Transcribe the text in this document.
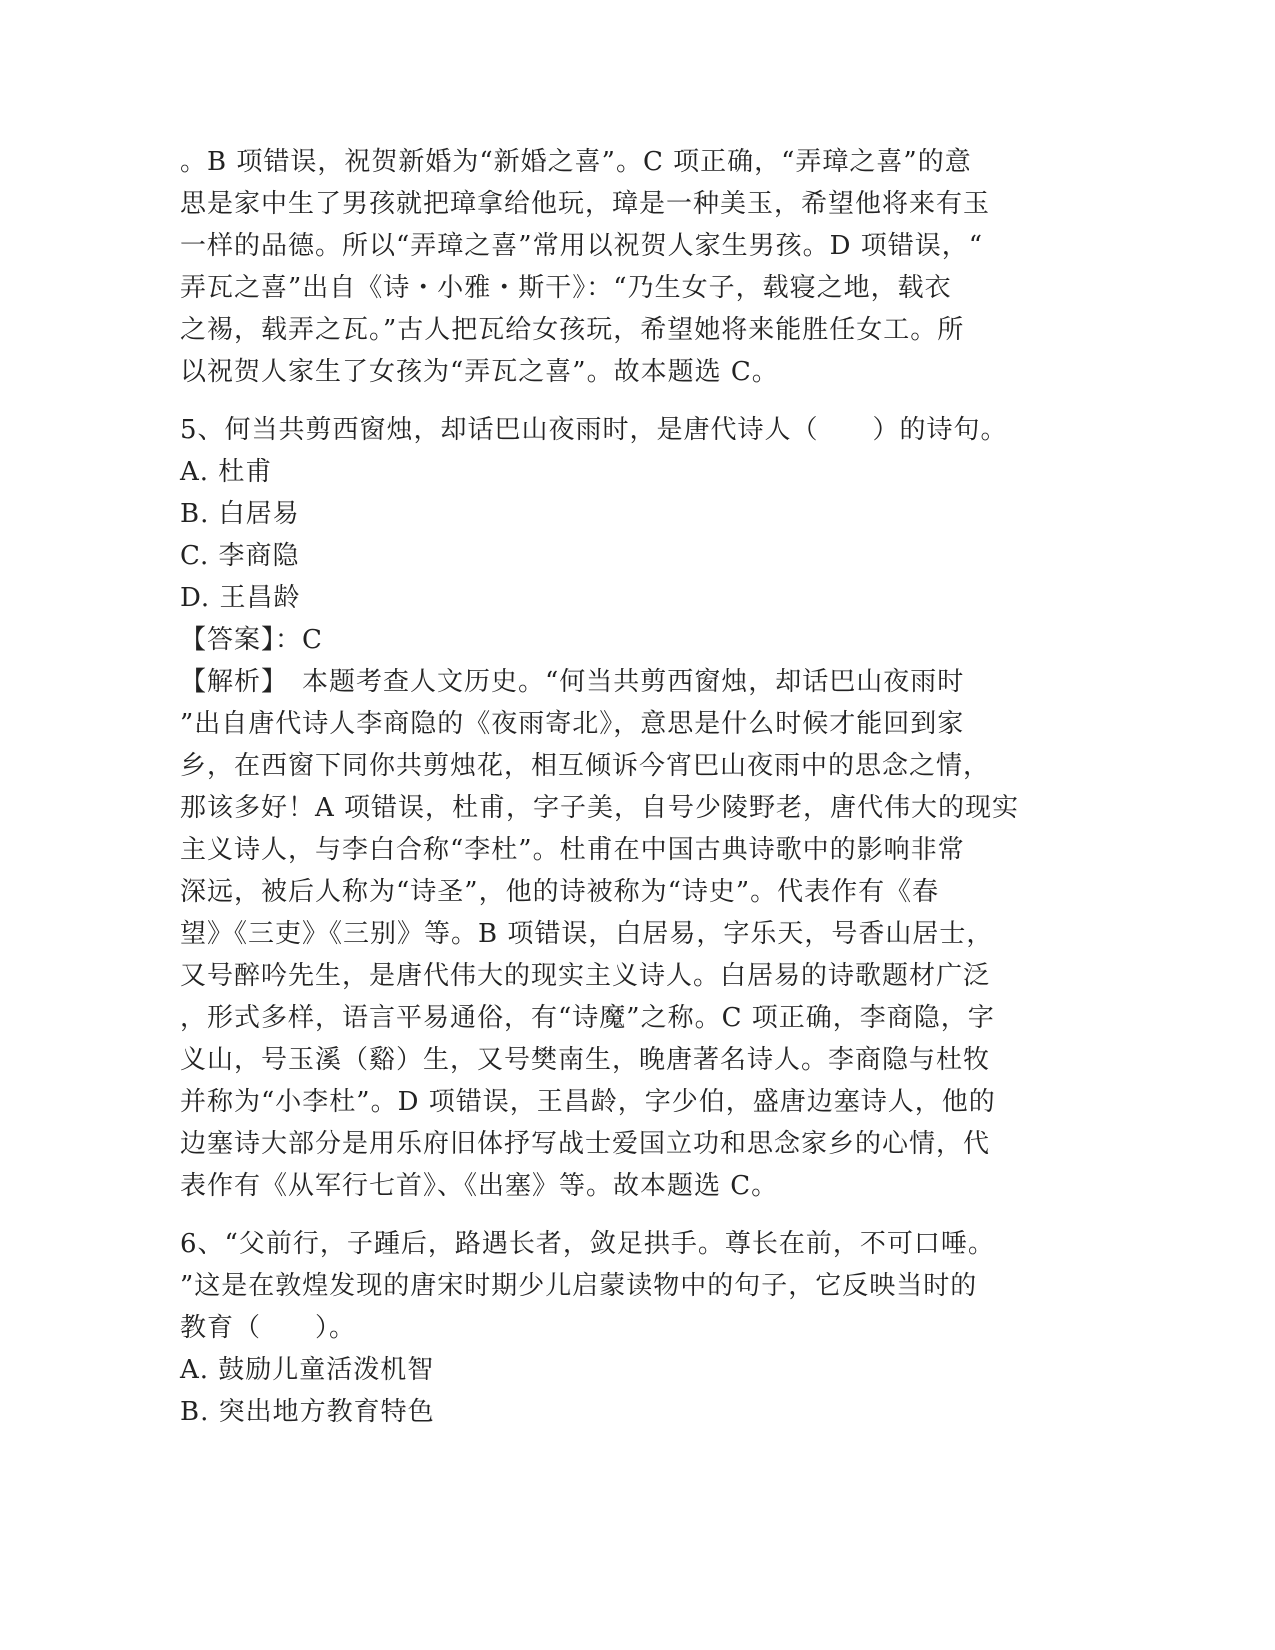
。B 项错误，祝贺新婚为“新婚之喜”。C 项正确，“弄璋之喜”的意
思是家中生了男孩就把璋拿给他玩，璋是一种美玉，希望他将来有玉
一样的品德。所以“弄璋之喜”常用以祝贺人家生男孩。D 项错误，“
弄瓦之喜”出自《诗・小雅・斯干》：“乃生女子，载寝之地，载衣
之裼，载弄之瓦。”古人把瓦给女孩玩，希望她将来能胜任女工。所
以祝贺人家生了女孩为“弄瓦之喜”。故本题选 C。
5、何当共剪西窗烛，却话巴山夜雨时，是唐代诗人（　　）的诗句。
A. 杜甫
B. 白居易
C. 李商隐
D. 王昌龄
【答案】：C
【解析】　本题考查人文历史。“何当共剪西窗烛，却话巴山夜雨时
”出自唐代诗人李商隐的《夜雨寄北》，意思是什么时候才能回到家
乡，在西窗下同你共剪烛花，相互倾诉今宵巴山夜雨中的思念之情，
那该多好！A 项错误，杜甫，字子美，自号少陵野老，唐代伟大的现实
主义诗人，与李白合称“李杜”。杜甫在中国古典诗歌中的影响非常
深远，被后人称为“诗圣”，他的诗被称为“诗史”。代表作有《春
望》《三吏》《三别》等。B 项错误，白居易，字乐天，号香山居士，
又号醉吟先生，是唐代伟大的现实主义诗人。白居易的诗歌题材广泛
，形式多样，语言平易通俗，有“诗魔”之称。C 项正确，李商隐，字
义山，号玉溪（谿）生，又号樊南生，晚唐著名诗人。李商隐与杜牧
并称为“小李杜”。D 项错误，王昌龄，字少伯，盛唐边塞诗人，他的
边塞诗大部分是用乐府旧体抒写战士爱国立功和思念家乡的心情，代
表作有《从军行七首》、《出塞》等。故本题选 C。
6、“父前行，子踵后，路遇长者，敛足拱手。尊长在前，不可口唾。
”这是在敦煌发现的唐宋时期少儿启蒙读物中的句子，它反映当时的
教育（　　）。
A. 鼓励儿童活泼机智
B. 突出地方教育特色
